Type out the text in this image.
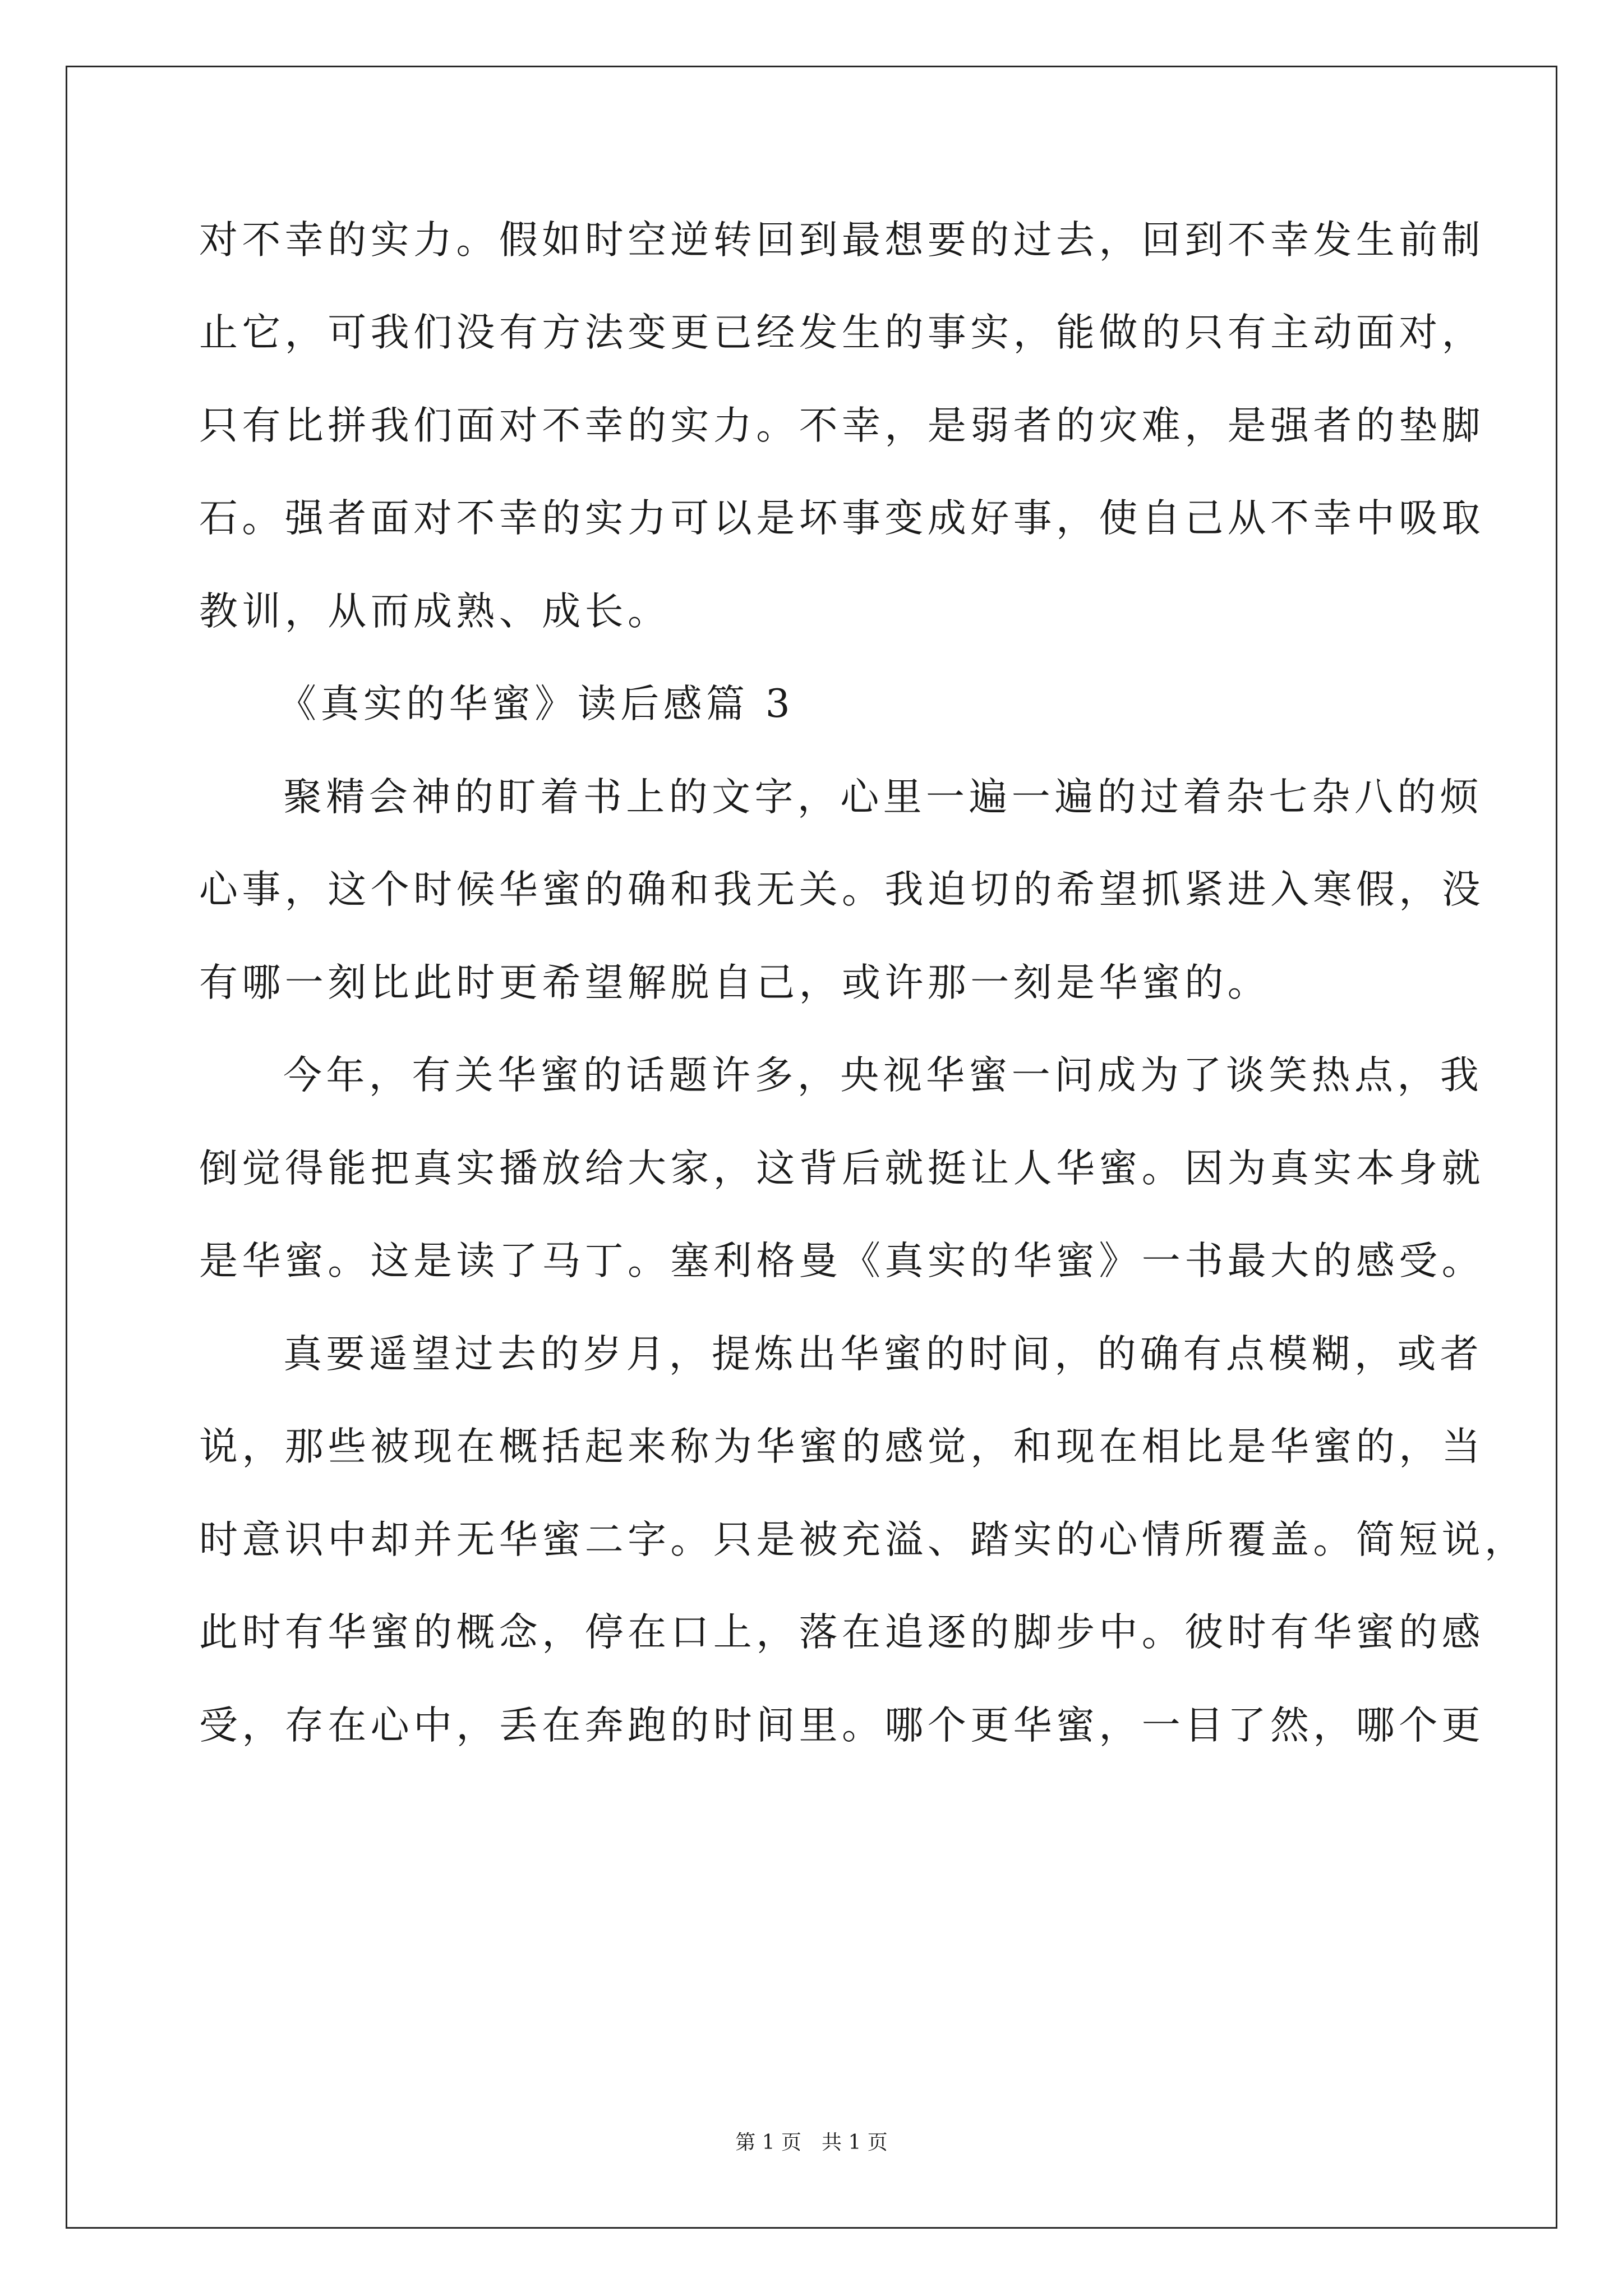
对不幸的实力。假如时空逆转回到最想要的过去，回到不幸发生前制
止它，可我们没有方法变更已经发生的事实，能做的只有主动面对，
只有比拼我们面对不幸的实力。不幸，是弱者的灾难，是强者的垫脚
石。强者面对不幸的实力可以是坏事变成好事，使自己从不幸中吸取
教训，从而成熟、成长。
《真实的华蜜》读后感篇 3
聚精会神的盯着书上的文字，心里一遍一遍的过着杂七杂八的烦
心事，这个时候华蜜的确和我无关。我迫切的希望抓紧进入寒假，没
有哪一刻比此时更希望解脱自己，或许那一刻是华蜜的。
今年，有关华蜜的话题许多，央视华蜜一问成为了谈笑热点，我
倒觉得能把真实播放给大家，这背后就挺让人华蜜。因为真实本身就
是华蜜。这是读了马丁。塞利格曼《真实的华蜜》一书最大的感受。
真要遥望过去的岁月，提炼出华蜜的时间，的确有点模糊，或者
说，那些被现在概括起来称为华蜜的感觉，和现在相比是华蜜的，当
时意识中却并无华蜜二字。只是被充溢、踏实的心情所覆盖。简短说，
此时有华蜜的概念，停在口上，落在追逐的脚步中。彼时有华蜜的感
受，存在心中，丢在奔跑的时间里。哪个更华蜜，一目了然，哪个更
第 1 页　共 1 页
